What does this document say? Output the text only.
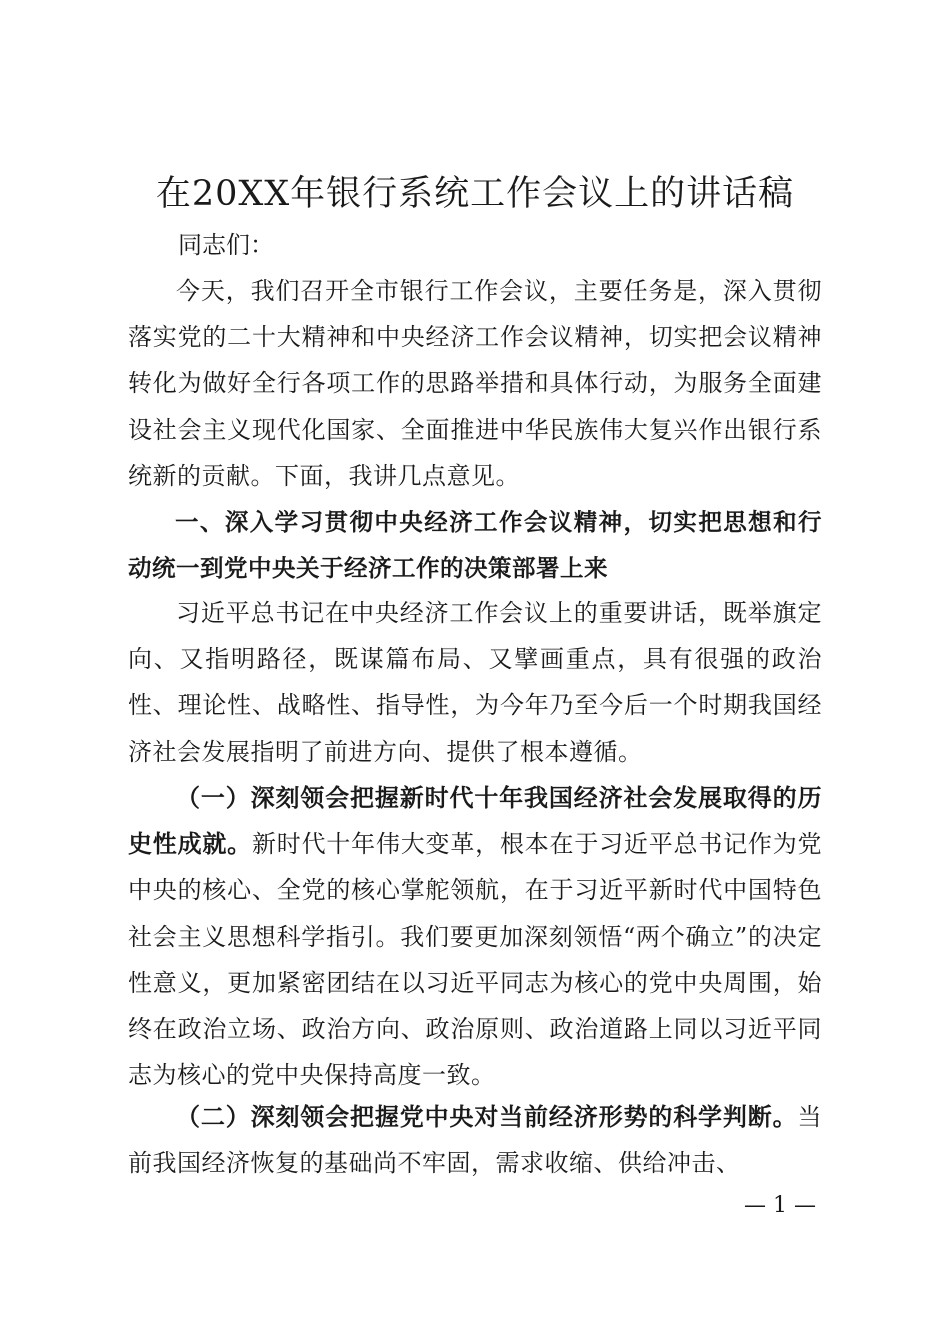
在20XX年银行系统工作会议上的讲话稿

同志们：

今天，我们召开全市银行工作会议，主要任务是，深入贯彻落实党的二十大精神和中央经济工作会议精神，切实把会议精神转化为做好全行各项工作的思路举措和具体行动，为服务全面建设社会主义现代化国家、全面推进中华民族伟大复兴作出银行系统新的贡献。下面，我讲几点意见。

一、深入学习贯彻中央经济工作会议精神，切实把思想和行动统一到党中央关于经济工作的决策部署上来

习近平总书记在中央经济工作会议上的重要讲话，既举旗定向、又指明路径，既谋篇布局、又擘画重点，具有很强的政治性、理论性、战略性、指导性，为今年乃至今后一个时期我国经济社会发展指明了前进方向、提供了根本遵循。

（一）深刻领会把握新时代十年我国经济社会发展取得的历史性成就。新时代十年伟大变革，根本在于习近平总书记作为党中央的核心、全党的核心掌舵领航，在于习近平新时代中国特色社会主义思想科学指引。我们要更加深刻领悟“两个确立”的决定性意义，更加紧密团结在以习近平同志为核心的党中央周围，始终在政治立场、政治方向、政治原则、政治道路上同以习近平同志为核心的党中央保持高度一致。

（二）深刻领会把握党中央对当前经济形势的科学判断。当前我国经济恢复的基础尚不牢固，需求收缩、供给冲击、

— 1 —
